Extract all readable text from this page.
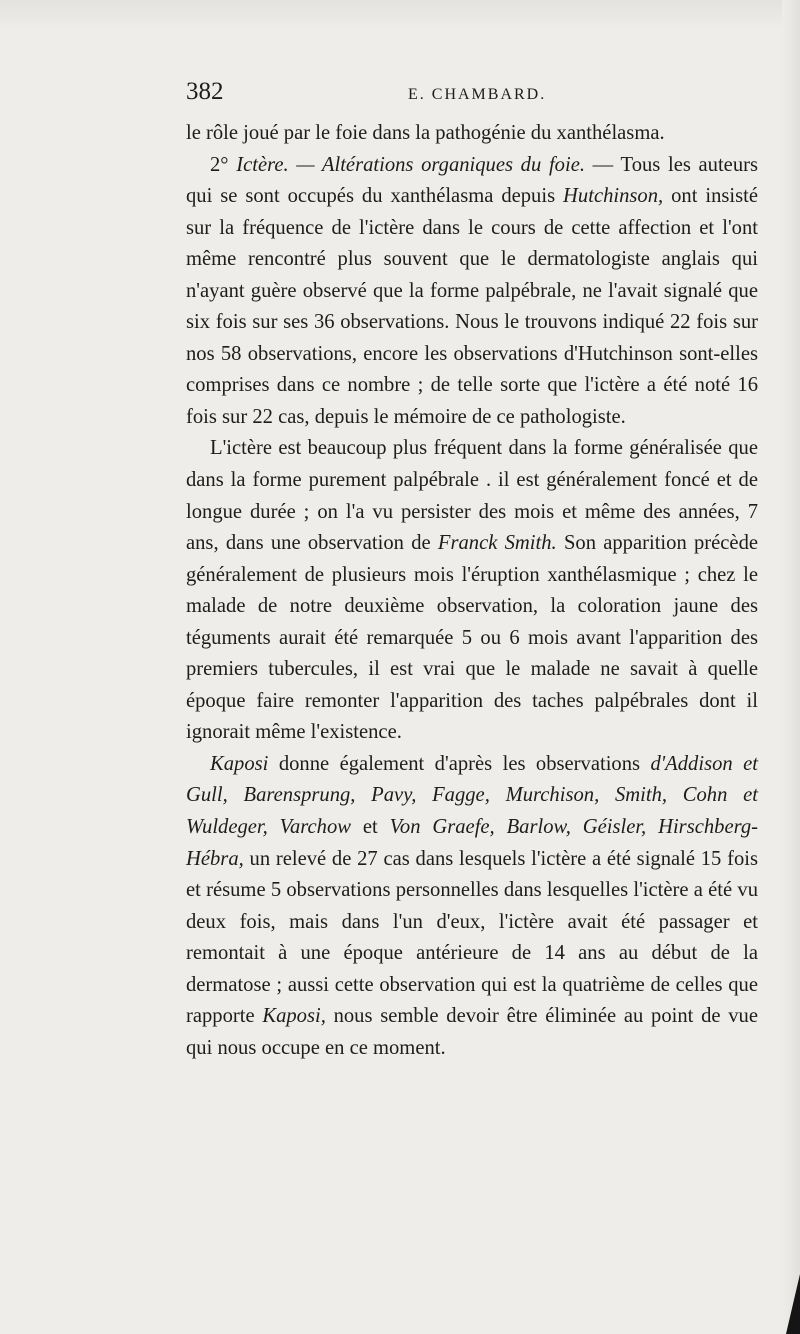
382	E. CHAMBARD.

le rôle joué par le foie dans la pathogénie du xanthélasma.

2° Ictère. — Altérations organiques du foie. — Tous les auteurs qui se sont occupés du xanthélasma depuis Hutchinson, ont insisté sur la fréquence de l'ictère dans le cours de cette affection et l'ont même rencontré plus souvent que le dermatologiste anglais qui n'ayant guère observé que la forme palpébrale, ne l'avait signalé que six fois sur ses 36 observations. Nous le trouvons indiqué 22 fois sur nos 58 observations, encore les observations d'Hutchinson sont-elles comprises dans ce nombre ; de telle sorte que l'ictère a été noté 16 fois sur 22 cas, depuis le mémoire de ce pathologiste.

L'ictère est beaucoup plus fréquent dans la forme généralisée que dans la forme purement palpébrale . il est généralement foncé et de longue durée ; on l'a vu persister des mois et même des années, 7 ans, dans une observation de Franck Smith. Son apparition précède généralement de plusieurs mois l'éruption xanthélasmique ; chez le malade de notre deuxième observation, la coloration jaune des téguments aurait été remarquée 5 ou 6 mois avant l'apparition des premiers tubercules, il est vrai que le malade ne savait à quelle époque faire remonter l'apparition des taches palpébrales dont il ignorait même l'existence.

Kaposi donne également d'après les observations d'Addison et Gull, Barensprung, Pavy, Fagge, Murchison, Smith, Cohn et Wuldeger, Varchow et Von Graefe, Barlow, Géisler, Hirschberg-Hébra, un relevé de 27 cas dans lesquels l'ictère a été signalé 15 fois et résume 5 observations personnelles dans lesquelles l'ictère a été vu deux fois, mais dans l'un d'eux, l'ictère avait été passager et remontait à une époque antérieure de 14 ans au début de la dermatose ; aussi cette observation qui est la quatrième de celles que rapporte Kaposi, nous semble devoir être éliminée au point de vue qui nous occupe en ce moment.
